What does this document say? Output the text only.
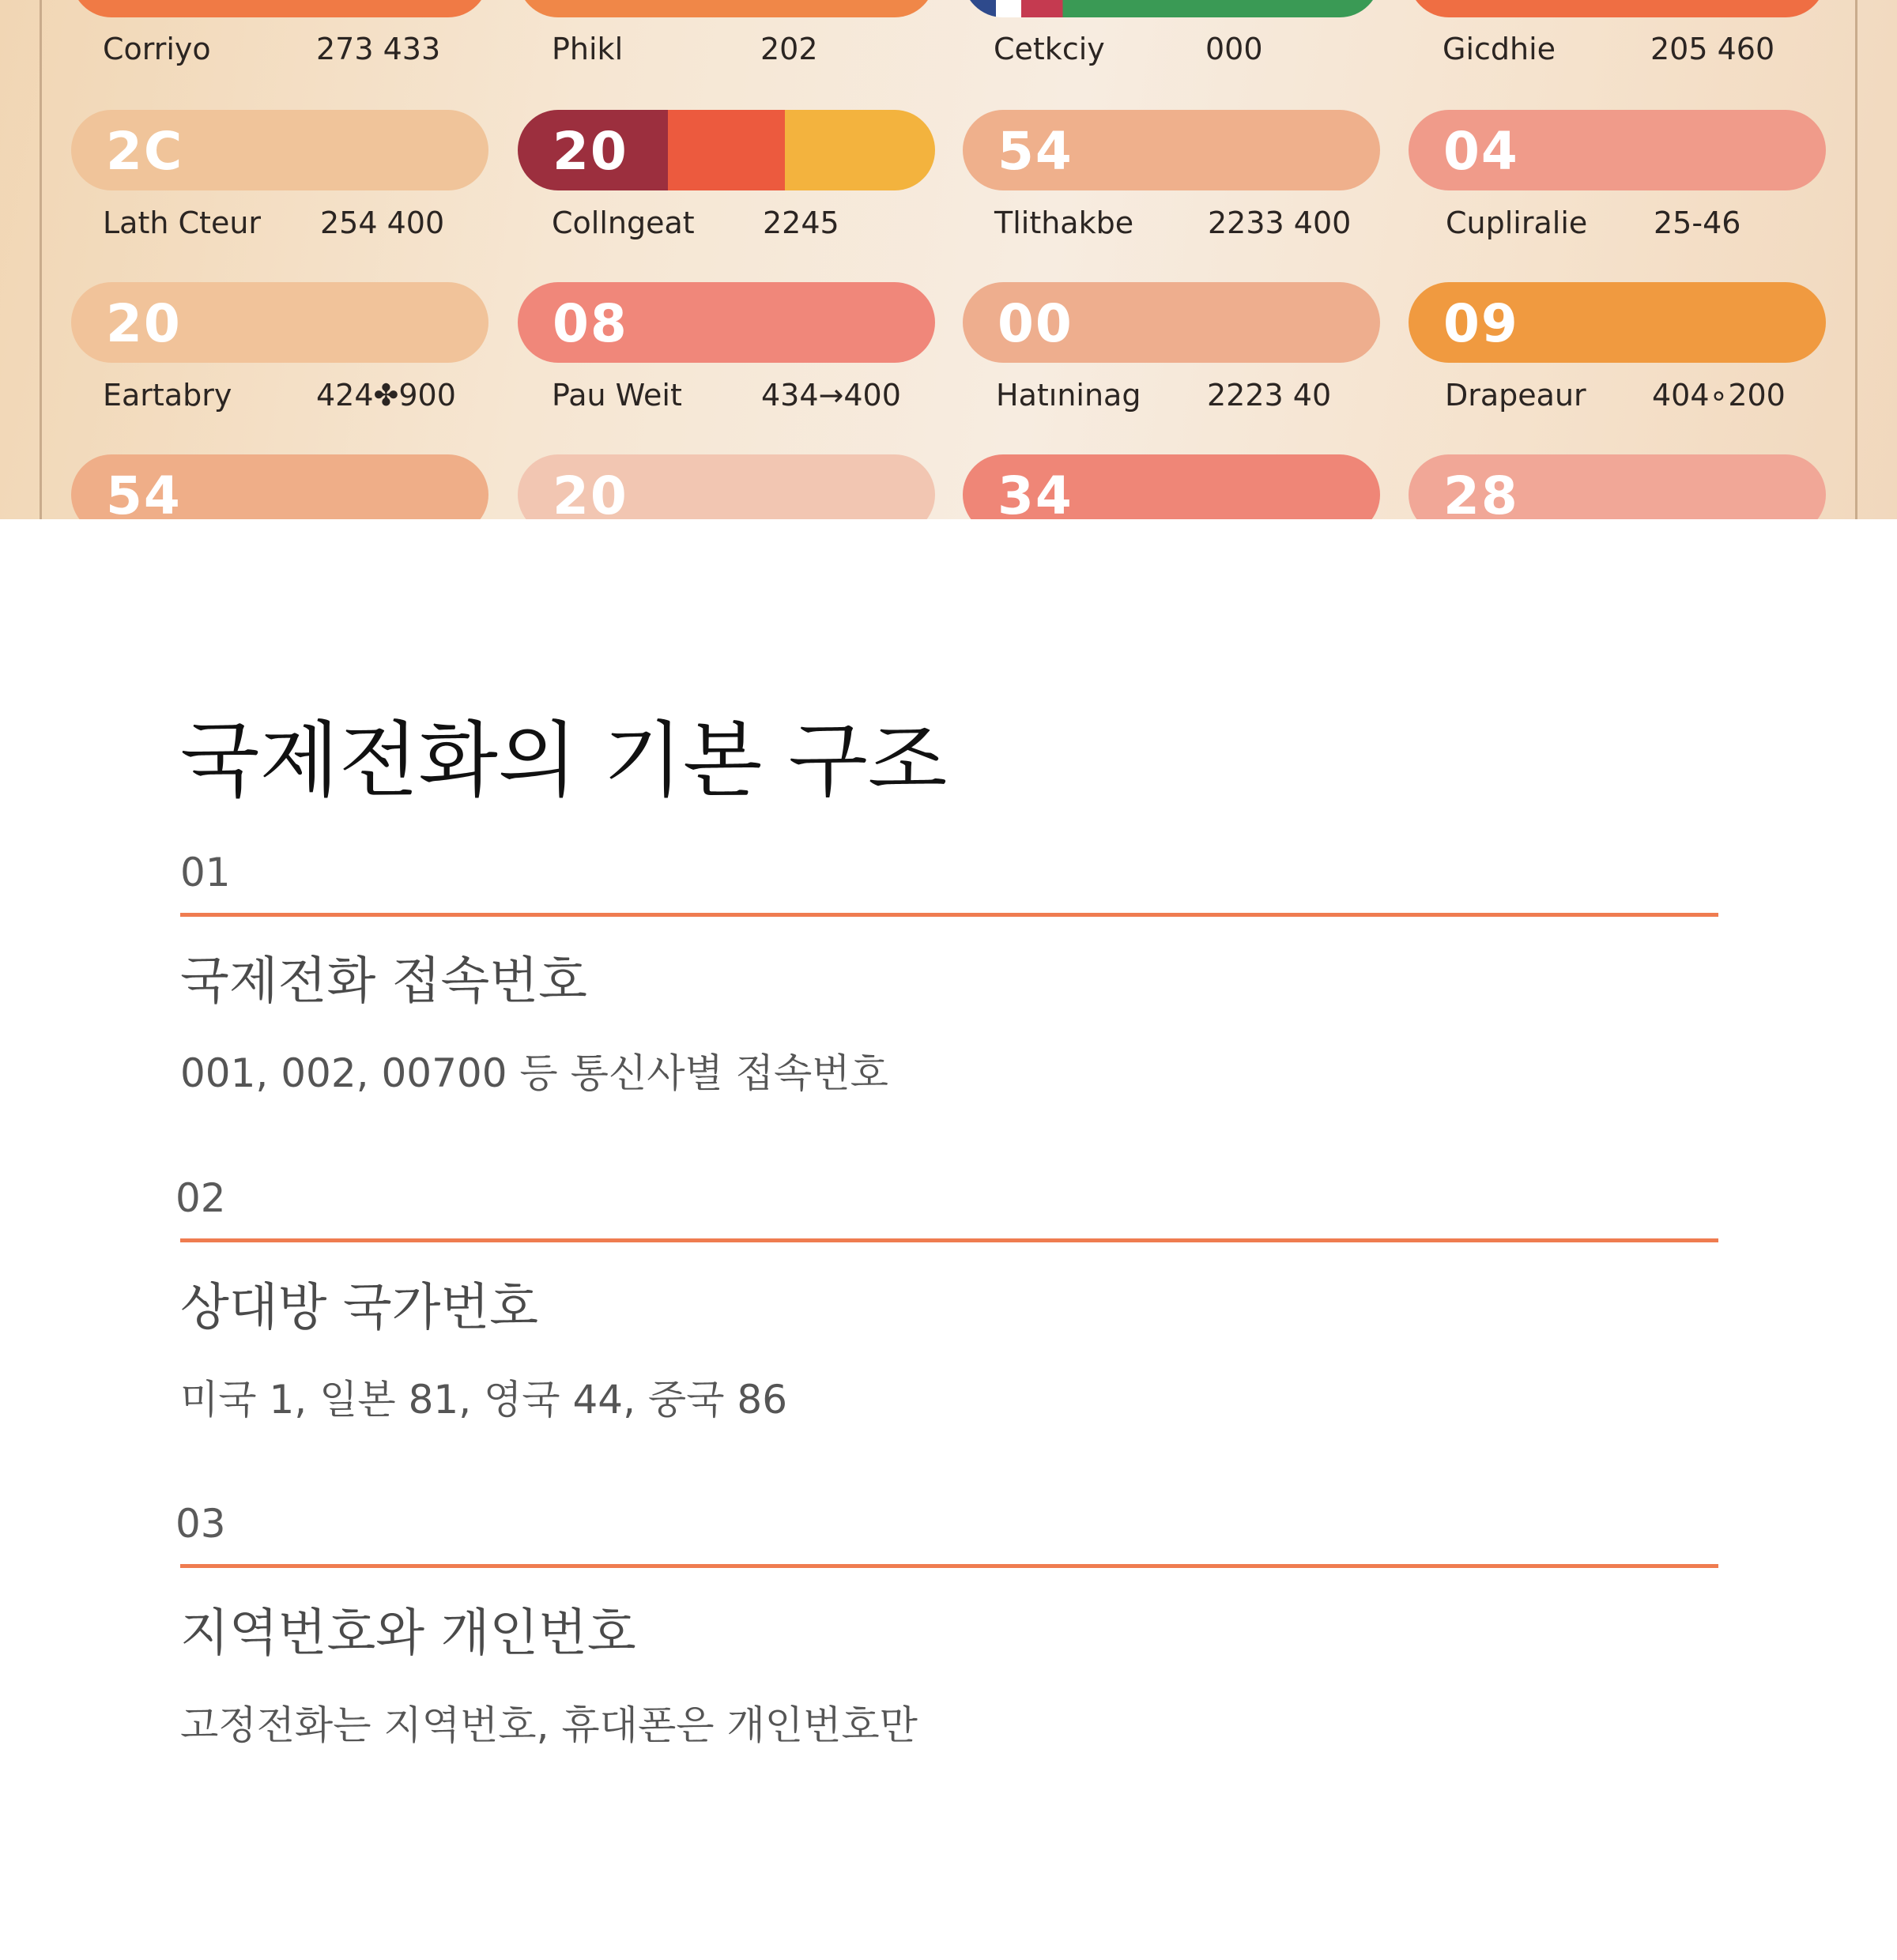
Corriyo	273 433	Phikl	202	Cetkciy	000	Gicdhie	205 460
2C
Lath Cteur 254 400
20
Collngeat 2245
54
Tlithakbe 2233 400
04
Cupliralie 25-46
20
Eartabry	424✤900
08
Pau Weit	434→400
00
Hatıninag 2223 40
09
Drapeaur 404∘200
54	20	34	28
국제전화의 기본 구조
01
국제전화 접속번호
001, 002, 00700 등 통신사별 접속번호
02
상대방 국가번호
미국 1, 일본 81, 영국 44, 중국 86
03
지역번호와 개인번호
고정전화는 지역번호, 휴대폰은 개인번호만
